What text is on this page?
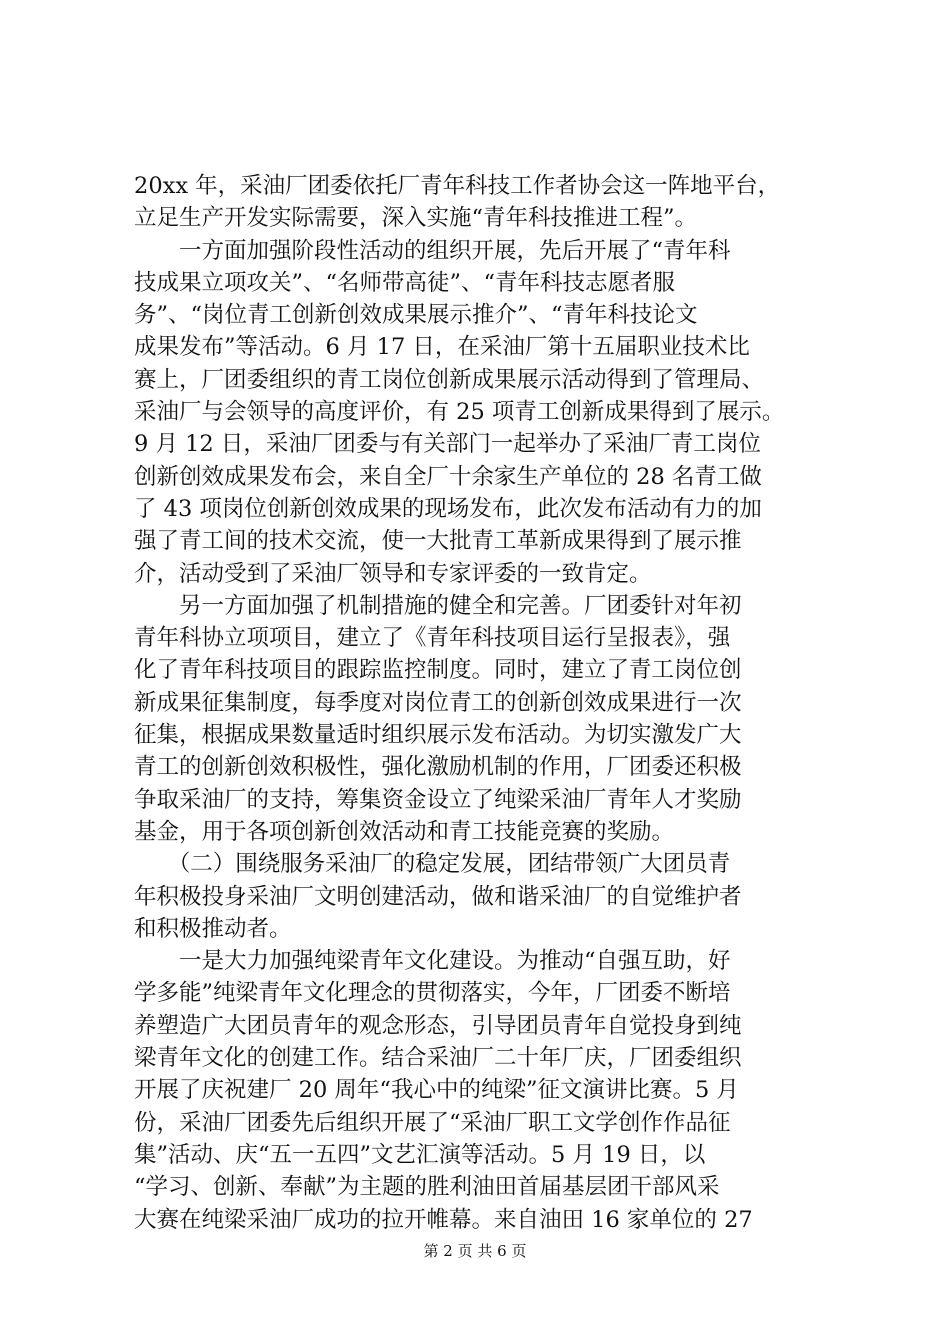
20xx 年，采油厂团委依托厂青年科技工作者协会这一阵地平台，
立足生产开发实际需要，深入实施“青年科技推进工程”。
　　一方面加强阶段性活动的组织开展，先后开展了“青年科
技成果立项攻关”、“名师带高徒”、“青年科技志愿者服
务”、“岗位青工创新创效成果展示推介”、“青年科技论文
成果发布”等活动。6 月 17 日，在采油厂第十五届职业技术比
赛上，厂团委组织的青工岗位创新成果展示活动得到了管理局、
采油厂与会领导的高度评价，有 25 项青工创新成果得到了展示。
9 月 12 日，采油厂团委与有关部门一起举办了采油厂青工岗位
创新创效成果发布会，来自全厂十余家生产单位的 28 名青工做
了 43 项岗位创新创效成果的现场发布，此次发布活动有力的加
强了青工间的技术交流，使一大批青工革新成果得到了展示推
介，活动受到了采油厂领导和专家评委的一致肯定。
　　另一方面加强了机制措施的健全和完善。厂团委针对年初
青年科协立项项目，建立了《青年科技项目运行呈报表》，强
化了青年科技项目的跟踪监控制度。同时，建立了青工岗位创
新成果征集制度，每季度对岗位青工的创新创效成果进行一次
征集，根据成果数量适时组织展示发布活动。为切实激发广大
青工的创新创效积极性，强化激励机制的作用，厂团委还积极
争取采油厂的支持，筹集资金设立了纯梁采油厂青年人才奖励
基金，用于各项创新创效活动和青工技能竞赛的奖励。
　　（二）围绕服务采油厂的稳定发展，团结带领广大团员青
年积极投身采油厂文明创建活动，做和谐采油厂的自觉维护者
和积极推动者。
　　一是大力加强纯梁青年文化建设。为推动“自强互助，好
学多能”纯梁青年文化理念的贯彻落实，今年，厂团委不断培
养塑造广大团员青年的观念形态，引导团员青年自觉投身到纯
梁青年文化的创建工作。结合采油厂二十年厂庆，厂团委组织
开展了庆祝建厂 20 周年“我心中的纯梁”征文演讲比赛。5 月
份，采油厂团委先后组织开展了“采油厂职工文学创作作品征
集”活动、庆“五一五四”文艺汇演等活动。5 月 19 日，以
“学习、创新、奉献”为主题的胜利油田首届基层团干部风采
大赛在纯梁采油厂成功的拉开帷幕。来自油田 16 家单位的 27
第 2 页 共 6 页
